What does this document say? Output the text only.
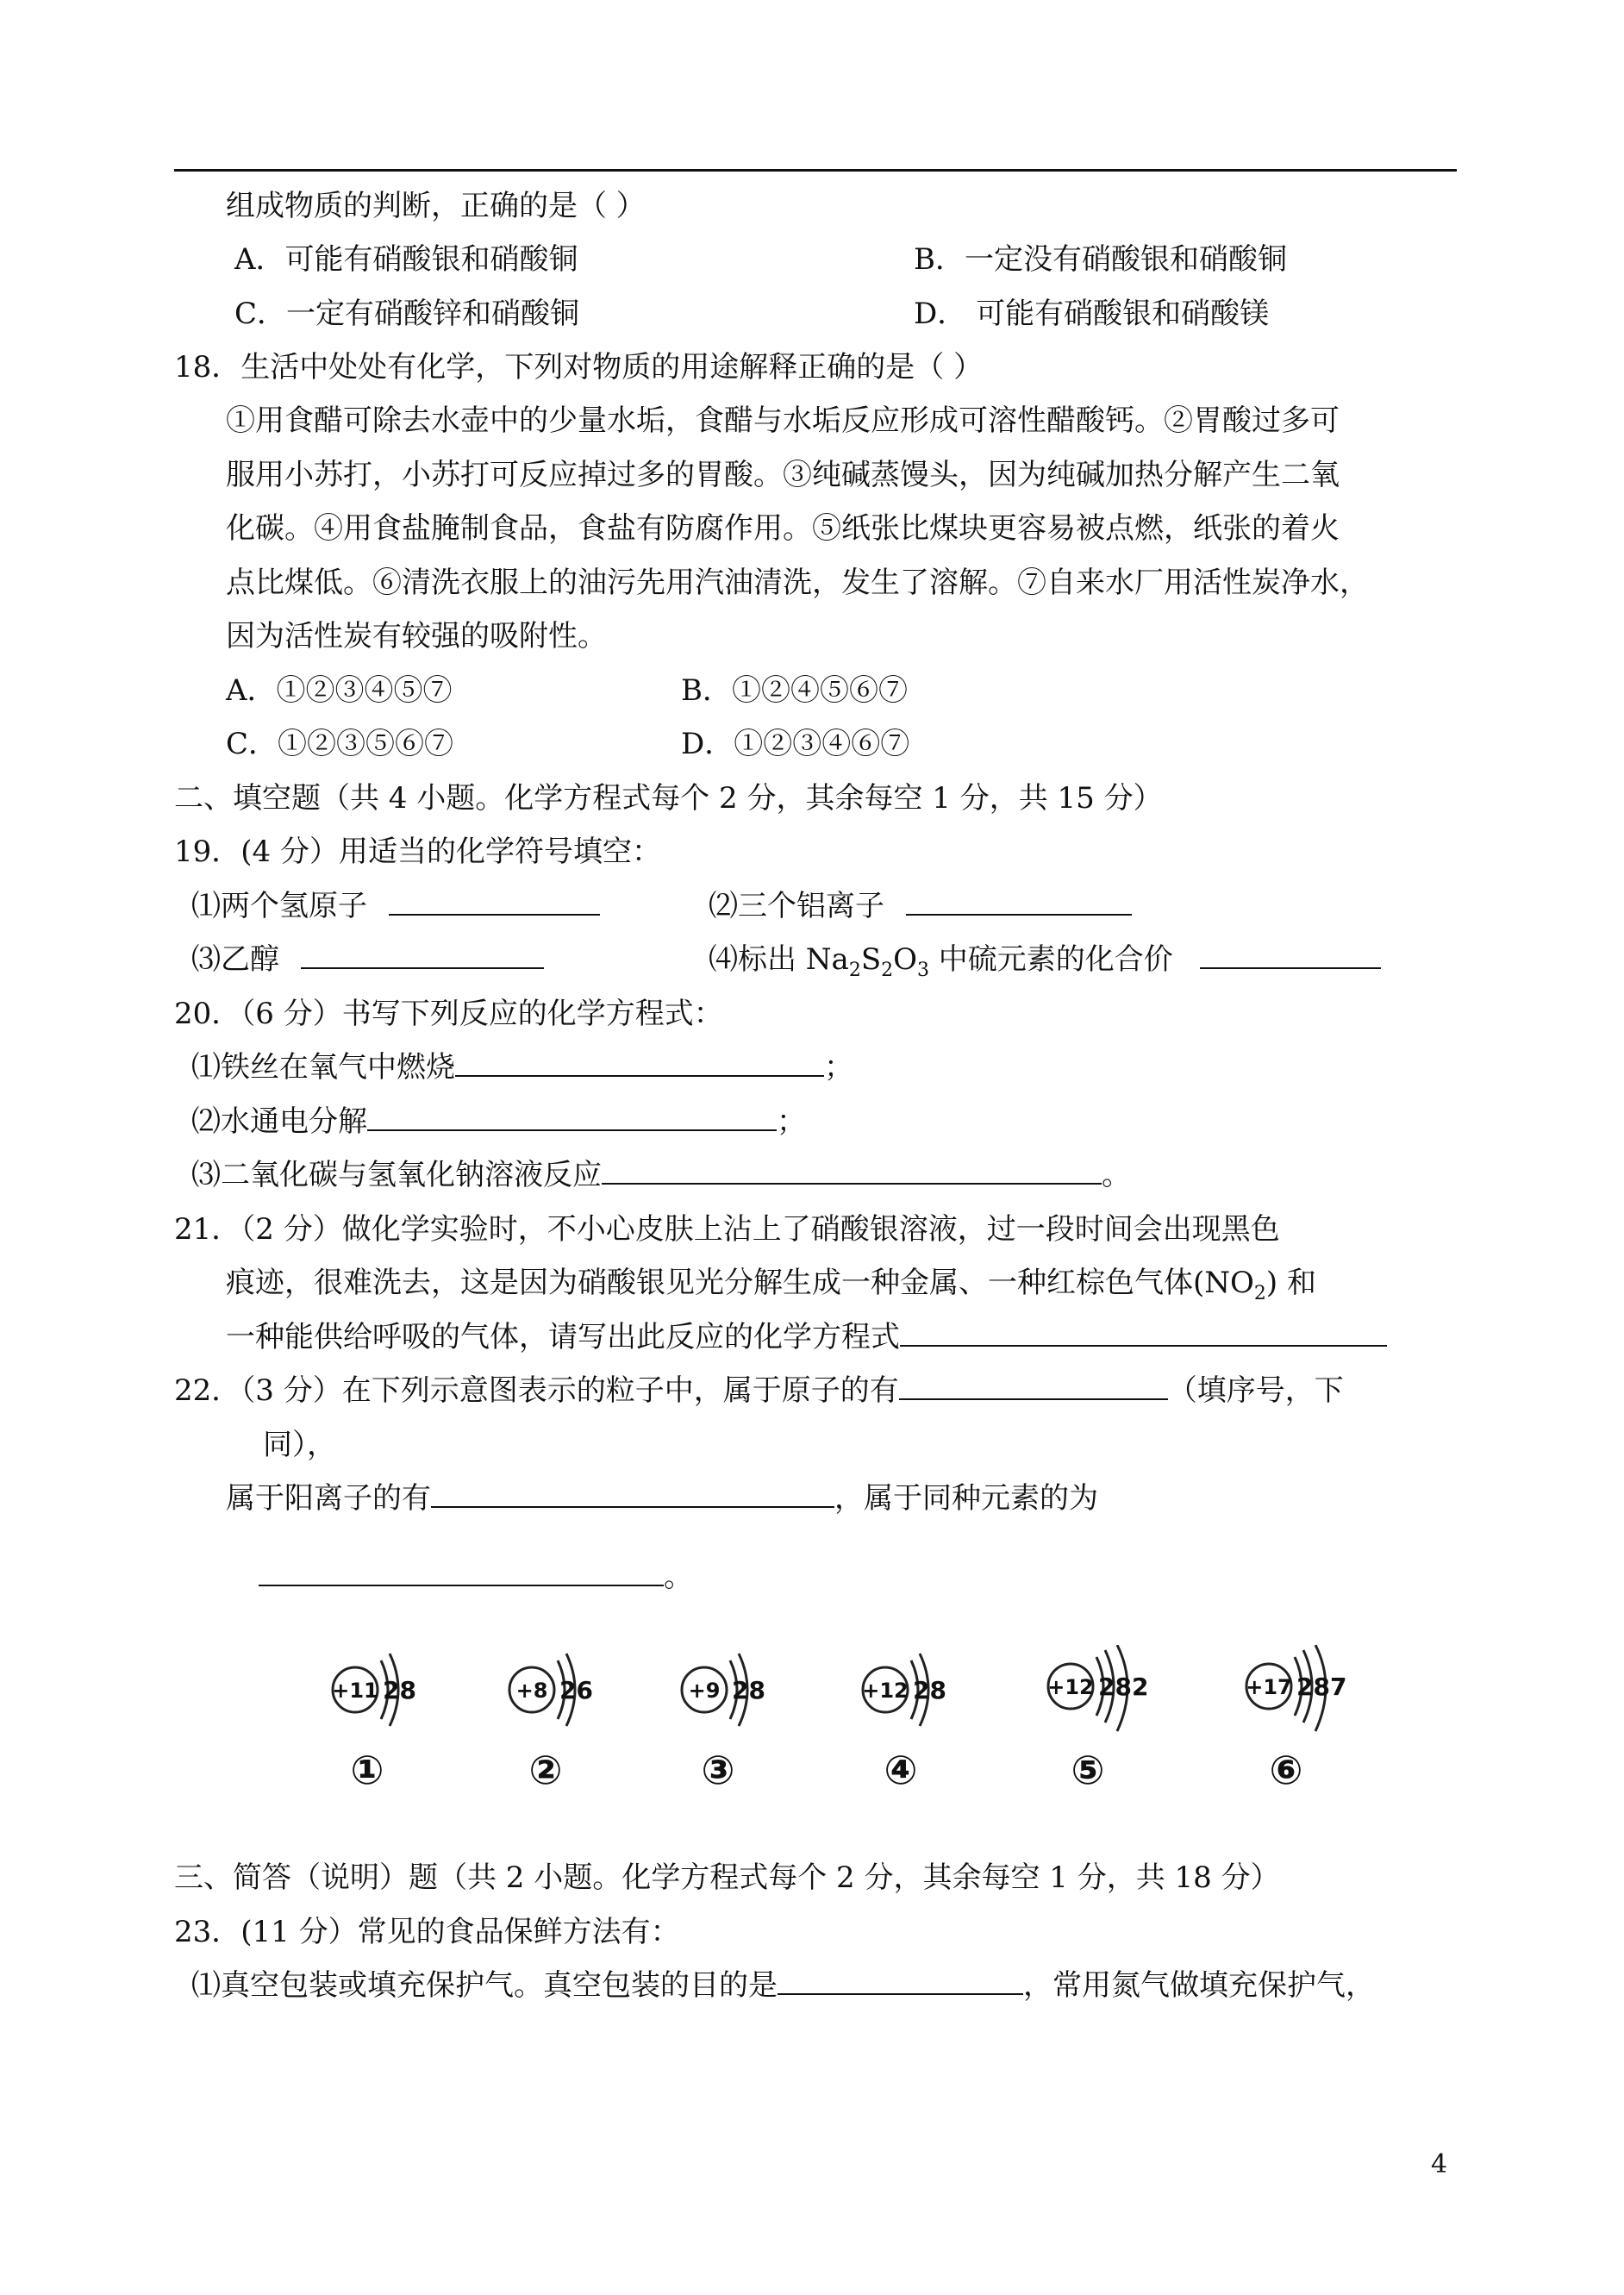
组成物质的判断，正确的是（ ）
A．可能有硝酸银和硝酸铜	B．一定没有硝酸银和硝酸铜
C．一定有硝酸锌和硝酸铜	D． 可能有硝酸银和硝酸镁
18．生活中处处有化学，下列对物质的用途解释正确的是（ ）
①用食醋可除去水壶中的少量水垢，食醋与水垢反应形成可溶性醋酸钙。②胃酸过多可
服用小苏打，小苏打可反应掉过多的胃酸。③纯碱蒸馒头，因为纯碱加热分解产生二氧
化碳。④用食盐腌制食品，食盐有防腐作用。⑤纸张比煤块更容易被点燃，纸张的着火
点比煤低。⑥清洗衣服上的油污先用汽油清洗，发生了溶解。⑦自来水厂用活性炭净水，
因为活性炭有较强的吸附性。
A．①②③④⑤⑦	B．①②④⑤⑥⑦
C．①②③⑤⑥⑦	D．①②③④⑥⑦
二、填空题（共 4 小题。化学方程式每个 2 分，其余每空 1 分，共 15 分）
19．(4 分）用适当的化学符号填空：
⑴两个氢原子	⑵三个铝离子
⑶乙醇	⑷标出 $Na_2S_2O_3$ 中硫元素的化合价
20．（6 分）书写下列反应的化学方程式：
⑴铁丝在氧气中燃烧	；
⑵水通电分解	；
⑶二氧化碳与氢氧化钠溶液反应	。
21．（2 分）做化学实验时，不小心皮肤上沾上了硝酸银溶液，过一段时间会出现黑色
痕迹，很难洗去，这是因为硝酸银见光分解生成一种金属、一种红棕色气体$(NO_2)$ 和
一种能供给呼吸的气体，请写出此反应的化学方程式
22．（3 分）在下列示意图表示的粒子中，属于原子的有	（填序号，下
同），
属于阳离子的有	，属于同种元素的为
。
+11 28
①
+8 26
②
+9 28
③
+12 28
④
+12 282
⑤
+17 287
⑥
三、简答（说明）题（共 2 小题。化学方程式每个 2 分，其余每空 1 分，共 18 分）
23．(11 分）常见的食品保鲜方法有：
⑴真空包装或填充保护气。真空包装的目的是	，常用氮气做填充保护气，
4
